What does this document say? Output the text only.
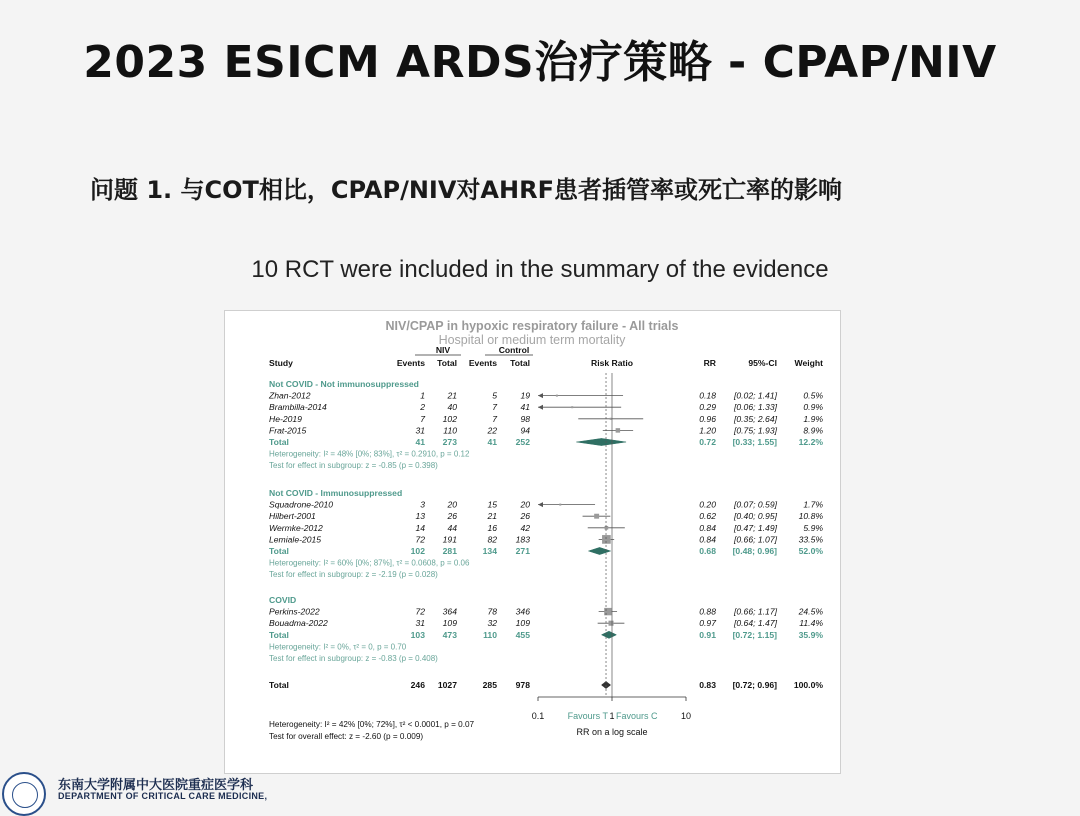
2023 ESICM ARDS治疗策略 - CPAP/NIV
问题 1. 与COT相比，CPAP/NIV对AHRF患者插管率或死亡率的影响
10 RCT were included in the summary of the evidence
NIV/CPAP in hypoxic respiratory failure - All trials
Hospital or medium term mortality
NIV	Control
Study	Events Total Events Total	Risk Ratio	RR	95%-CI Weight
Not COVID - Not immunosuppressed
Zhan-2012	1	21	5	19	0.18 [0.02; 1.41]	0.5%
Brambilla-2014	2	40	7	41	0.29 [0.06; 1.33]	0.9%
He-2019	7 102	7	98	0.96 [0.35; 2.64]	1.9%
Frat-2015	31 110	22	94	1.20 [0.75; 1.93]	8.9%
Total	41 273	41 252	0.72 [0.33; 1.55]	12.2%
Heterogeneity: I² = 48% [0%; 83%], τ² = 0.2910, p = 0.12
Test for effect in subgroup: z = -0.85 (p = 0.398)
Not COVID - Immunosuppressed
Squadrone-2010	3	20	15	20	0.20 [0.07; 0.59]	1.7%
Hilbert-2001	13	26	21	26	0.62 [0.40; 0.95]	10.8%
Wermke-2012	14	44	16	42	0.84 [0.47; 1.49]	5.9%
Lemiale-2015	72 191	82 183	0.84 [0.66; 1.07]	33.5%
Total	102 281	134 271	0.68 [0.48; 0.96]	52.0%
Heterogeneity: I² = 60% [0%; 87%], τ² = 0.0608, p = 0.06
Test for effect in subgroup: z = -2.19 (p = 0.028)
COVID
Perkins-2022	72 364	78 346	0.88 [0.66; 1.17]	24.5%
Bouadma-2022	31 109	32 109	0.97 [0.64; 1.47]	11.4%
Total	103 473	110 455	0.91 [0.72; 1.15]	35.9%
Heterogeneity: I² = 0%, τ² = 0, p = 0.70
Test for effect in subgroup: z = -0.83 (p = 0.408)
Total	246 1027	285 978	0.83 [0.72; 0.96] 100.0%
0.1	1	10
Favours T Favours C
RR on a log scale
Heterogeneity: I² = 42% [0%; 72%], τ² < 0.0001, p = 0.07
Test for overall effect: z = -2.60 (p = 0.009)
东南大学附属中大医院重症医学科
DEPARTMENT OF CRITICAL CARE MEDICINE,
